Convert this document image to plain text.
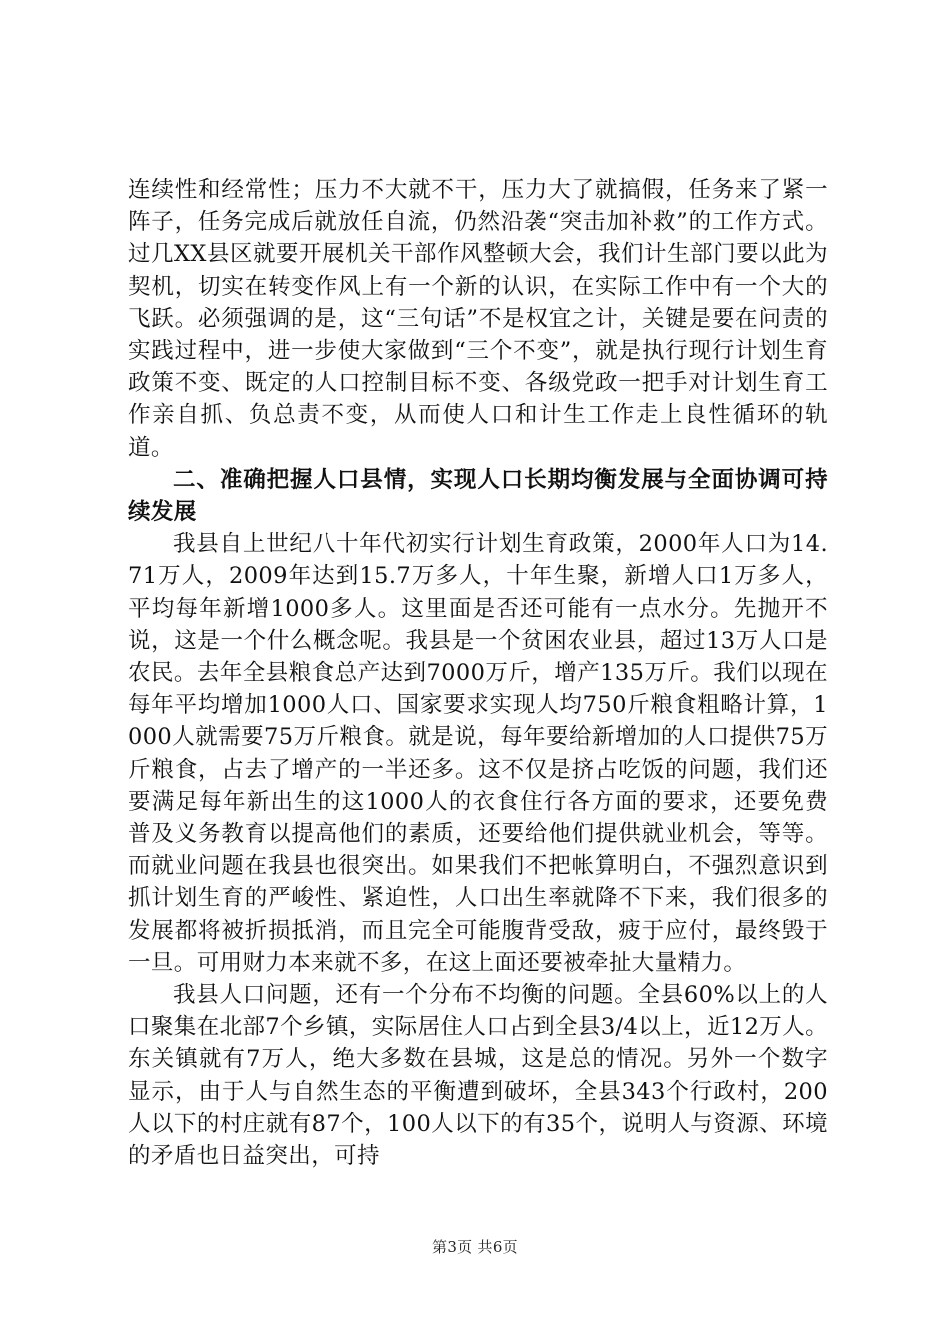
连续性和经常性；压力不大就不干，压力大了就搞假，任务来了紧一阵子，任务完成后就放任自流，仍然沿袭“突击加补救”的工作方式。过几XX县区就要开展机关干部作风整顿大会，我们计生部门要以此为契机，切实在转变作风上有一个新的认识，在实际工作中有一个大的飞跃。必须强调的是，这“三句话”不是权宜之计，关键是要在问责的实践过程中，进一步使大家做到“三个不变”，就是执行现行计划生育政策不变、既定的人口控制目标不变、各级党政一把手对计划生育工作亲自抓、负总责不变，从而使人口和计生工作走上良性循环的轨道。

二、准确把握人口县情，实现人口长期均衡发展与全面协调可持续发展

我县自上世纪八十年代初实行计划生育政策，2000年人口为14.71万人，2009年达到15.7万多人，十年生聚，新增人口1万多人，平均每年新增1000多人。这里面是否还可能有一点水分。先抛开不说，这是一个什么概念呢。我县是一个贫困农业县，超过13万人口是农民。去年全县粮食总产达到7000万斤，增产135万斤。我们以现在每年平均增加1000人口、国家要求实现人均750斤粮食粗略计算，1000人就需要75万斤粮食。就是说，每年要给新增加的人口提供75万斤粮食，占去了增产的一半还多。这不仅是挤占吃饭的问题，我们还要满足每年新出生的这1000人的衣食住行各方面的要求，还要免费普及义务教育以提高他们的素质，还要给他们提供就业机会，等等。而就业问题在我县也很突出。如果我们不把帐算明白，不强烈意识到抓计划生育的严峻性、紧迫性，人口出生率就降不下来，我们很多的发展都将被折损抵消，而且完全可能腹背受敌，疲于应付，最终毁于一旦。可用财力本来就不多，在这上面还要被牵扯大量精力。

我县人口问题，还有一个分布不均衡的问题。全县60%以上的人口聚集在北部7个乡镇，实际居住人口占到全县3/4以上，近12万人。东关镇就有7万人，绝大多数在县城，这是总的情况。另外一个数字显示，由于人与自然生态的平衡遭到破坏，全县343个行政村，200人以下的村庄就有87个，100人以下的有35个，说明人与资源、环境的矛盾也日益突出，可持

第3页 共6页
